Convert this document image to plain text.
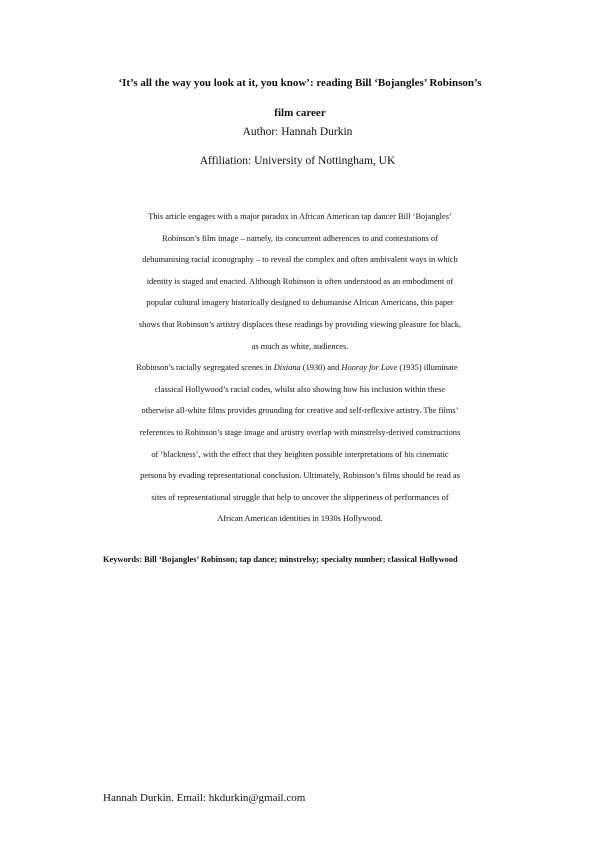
‘It’s all the way you look at it, you know’: reading Bill ‘Bojangles’ Robinson’s
film career
Author: Hannah Durkin
Affiliation: University of Nottingham, UK
This article engages with a major paradox in African American tap dancer Bill ‘Bojangles’
Robinson’s film image – namely, its concurrent adherences to and contestations of
dehumanising racial iconography – to reveal the complex and often ambivalent ways in which
identity is staged and enacted. Although Robinson is often understood as an embodiment of
popular cultural imagery historically designed to dehumanise African Americans, this paper
shows that Robinson’s artistry displaces these readings by providing viewing pleasure for black,
as much as white, audiences.
Robinson’s racially segregated scenes in Dixiana (1930) and Hooray for Love (1935) illuminate
classical Hollywood’s racial codes, whilst also showing how his inclusion within these
otherwise all-white films provides grounding for creative and self-reflexive artistry. The films’
references to Robinson’s stage image and artistry overlap with minstrelsy-derived constructions
of ‘blackness’, with the effect that they heighten possible interpretations of his cinematic
persona by evading representational conclusion. Ultimately, Robinson’s films should be read as
sites of representational struggle that help to uncover the slipperiness of performances of
African American identities in 1930s Hollywood.
Keywords: Bill ‘Bojangles’ Robinson; tap dance; minstrelsy; specialty number; classical Hollywood
Hannah Durkin. Email: hkdurkin@gmail.com
